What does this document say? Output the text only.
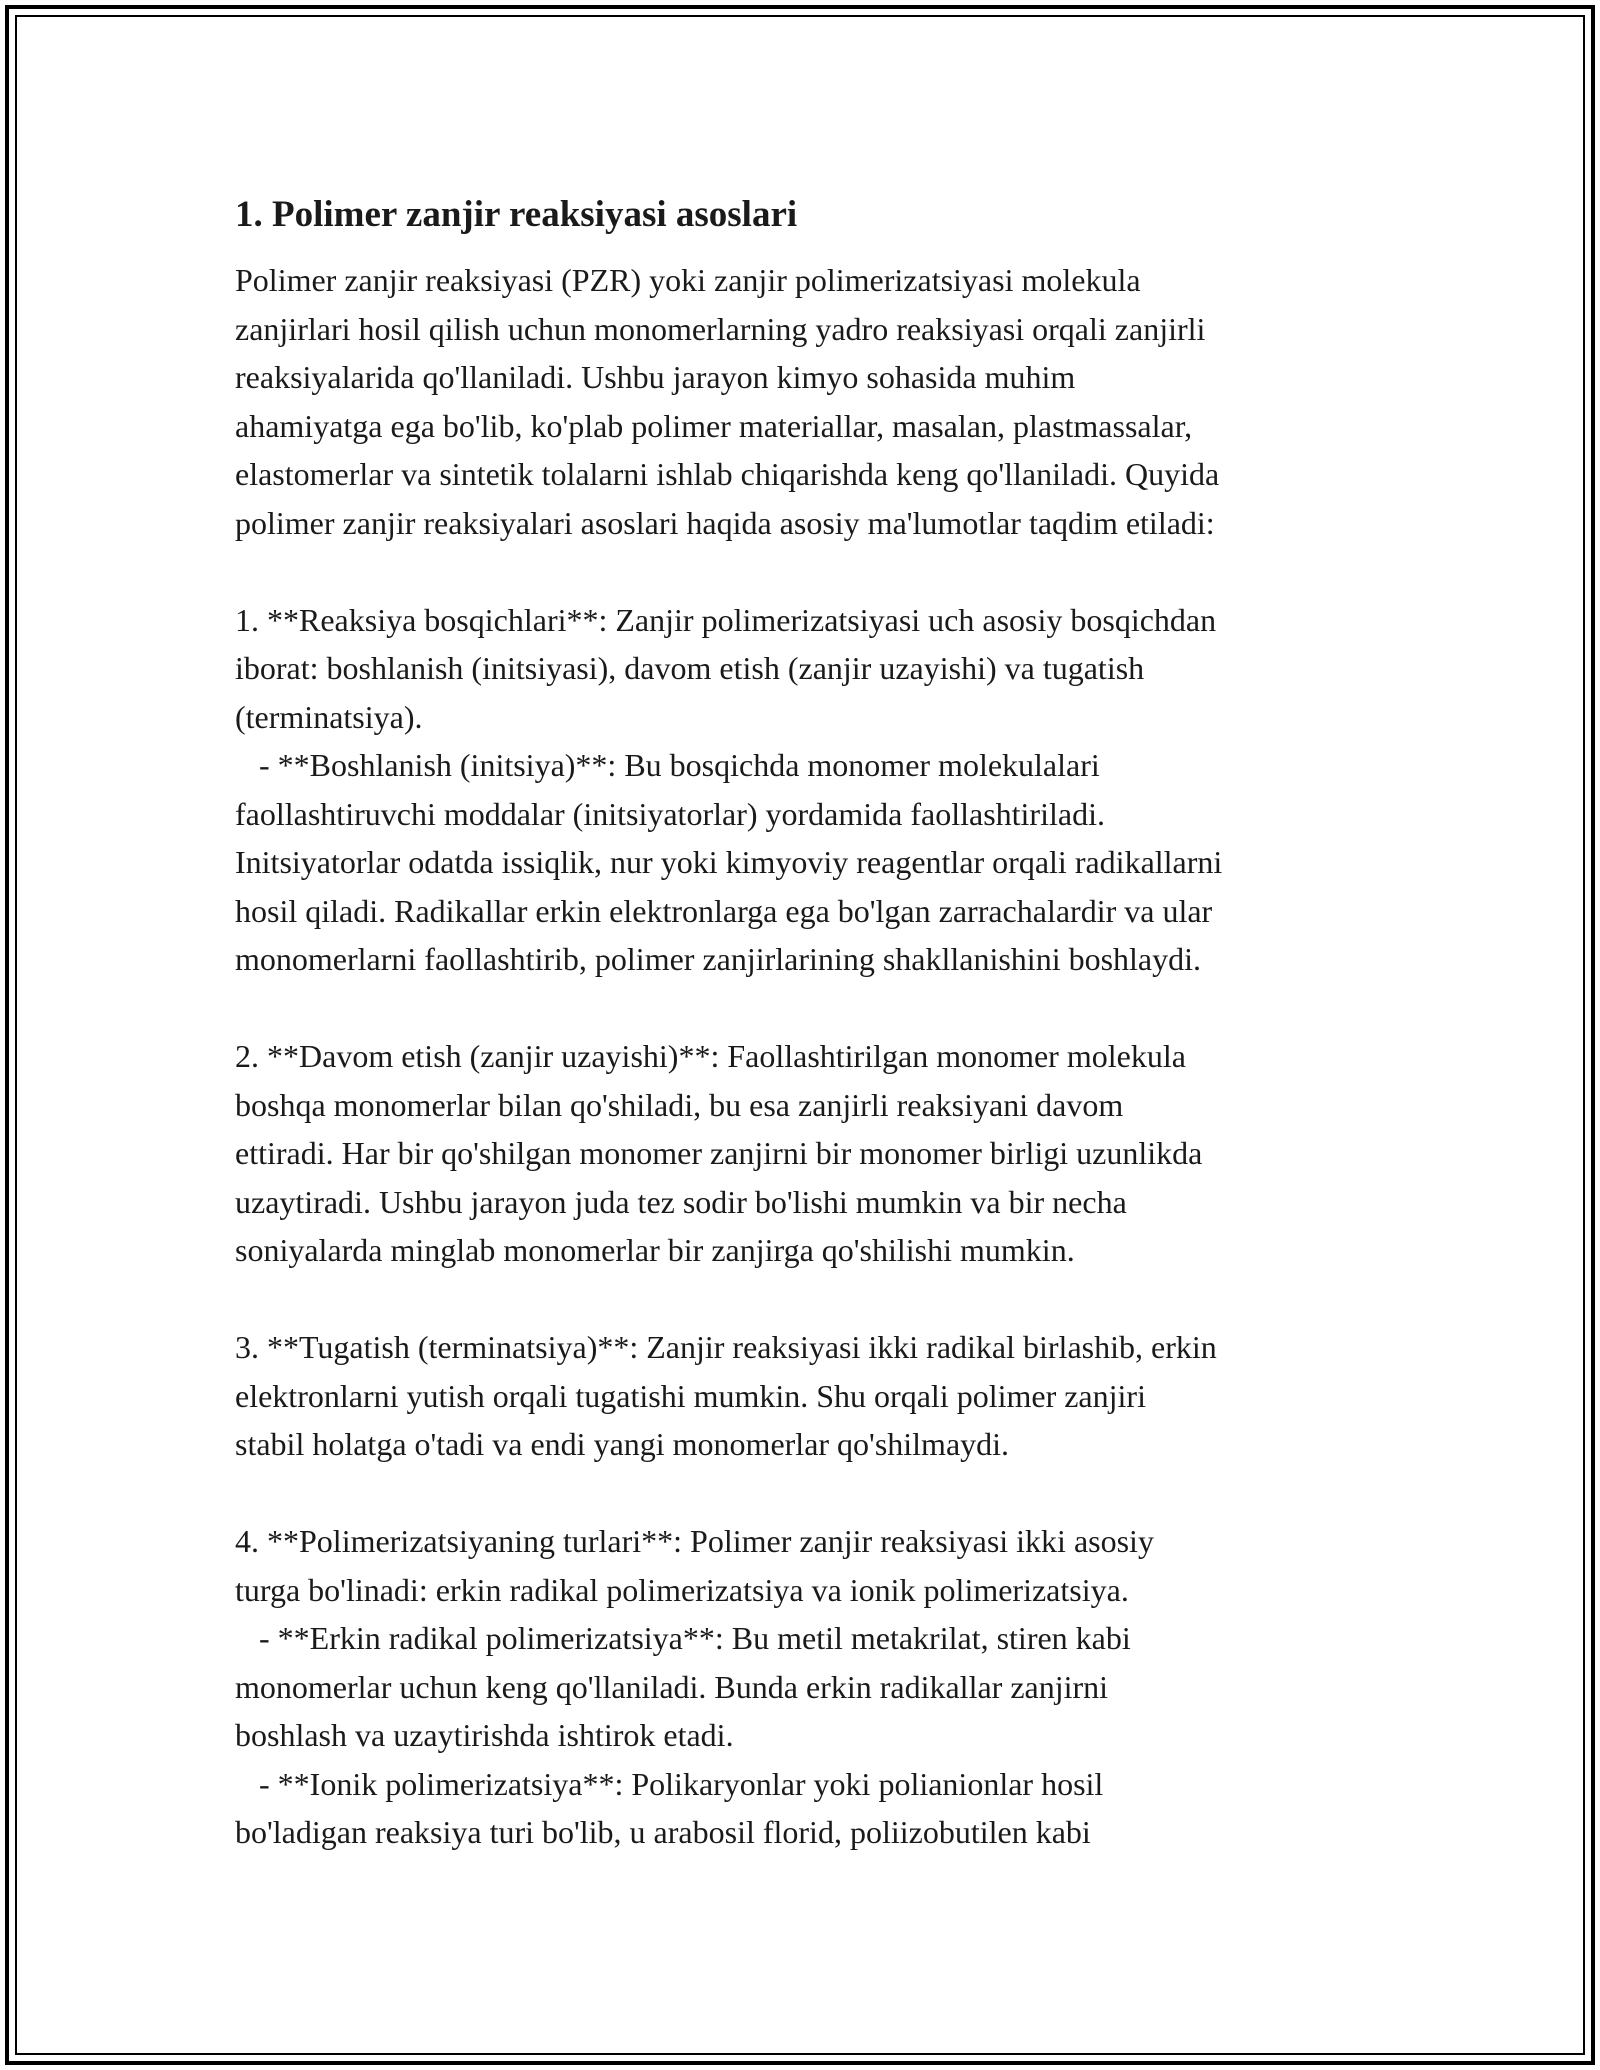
1. Polimer zanjir reaksiyasi asoslari
Polimer zanjir reaksiyasi (PZR) yoki zanjir polimerizatsiyasi molekula
zanjirlari hosil qilish uchun monomerlarning yadro reaksiyasi orqali zanjirli
reaksiyalarida qo'llaniladi. Ushbu jarayon kimyo sohasida muhim
ahamiyatga ega bo'lib, ko'plab polimer materiallar, masalan, plastmassalar,
elastomerlar va sintetik tolalarni ishlab chiqarishda keng qo'llaniladi. Quyida
polimer zanjir reaksiyalari asoslari haqida asosiy ma'lumotlar taqdim etiladi:
1. **Reaksiya bosqichlari**: Zanjir polimerizatsiyasi uch asosiy bosqichdan
iborat: boshlanish (initsiyasi), davom etish (zanjir uzayishi) va tugatish
(terminatsiya).
- **Boshlanish (initsiya)**: Bu bosqichda monomer molekulalari
faollashtiruvchi moddalar (initsiyatorlar) yordamida faollashtiriladi.
Initsiyatorlar odatda issiqlik, nur yoki kimyoviy reagentlar orqali radikallarni
hosil qiladi. Radikallar erkin elektronlarga ega bo'lgan zarrachalardir va ular
monomerlarni faollashtirib, polimer zanjirlarining shakllanishini boshlaydi.
2. **Davom etish (zanjir uzayishi)**: Faollashtirilgan monomer molekula
boshqa monomerlar bilan qo'shiladi, bu esa zanjirli reaksiyani davom
ettiradi. Har bir qo'shilgan monomer zanjirni bir monomer birligi uzunlikda
uzaytiradi. Ushbu jarayon juda tez sodir bo'lishi mumkin va bir necha
soniyalarda minglab monomerlar bir zanjirga qo'shilishi mumkin.
3. **Tugatish (terminatsiya)**: Zanjir reaksiyasi ikki radikal birlashib, erkin
elektronlarni yutish orqali tugatishi mumkin. Shu orqali polimer zanjiri
stabil holatga o'tadi va endi yangi monomerlar qo'shilmaydi.
4. **Polimerizatsiyaning turlari**: Polimer zanjir reaksiyasi ikki asosiy
turga bo'linadi: erkin radikal polimerizatsiya va ionik polimerizatsiya.
- **Erkin radikal polimerizatsiya**: Bu metil metakrilat, stiren kabi
monomerlar uchun keng qo'llaniladi. Bunda erkin radikallar zanjirni
boshlash va uzaytirishda ishtirok etadi.
- **Ionik polimerizatsiya**: Polikaryonlar yoki polianionlar hosil
bo'ladigan reaksiya turi bo'lib, u arabosil florid, poliizobutilen kabi
